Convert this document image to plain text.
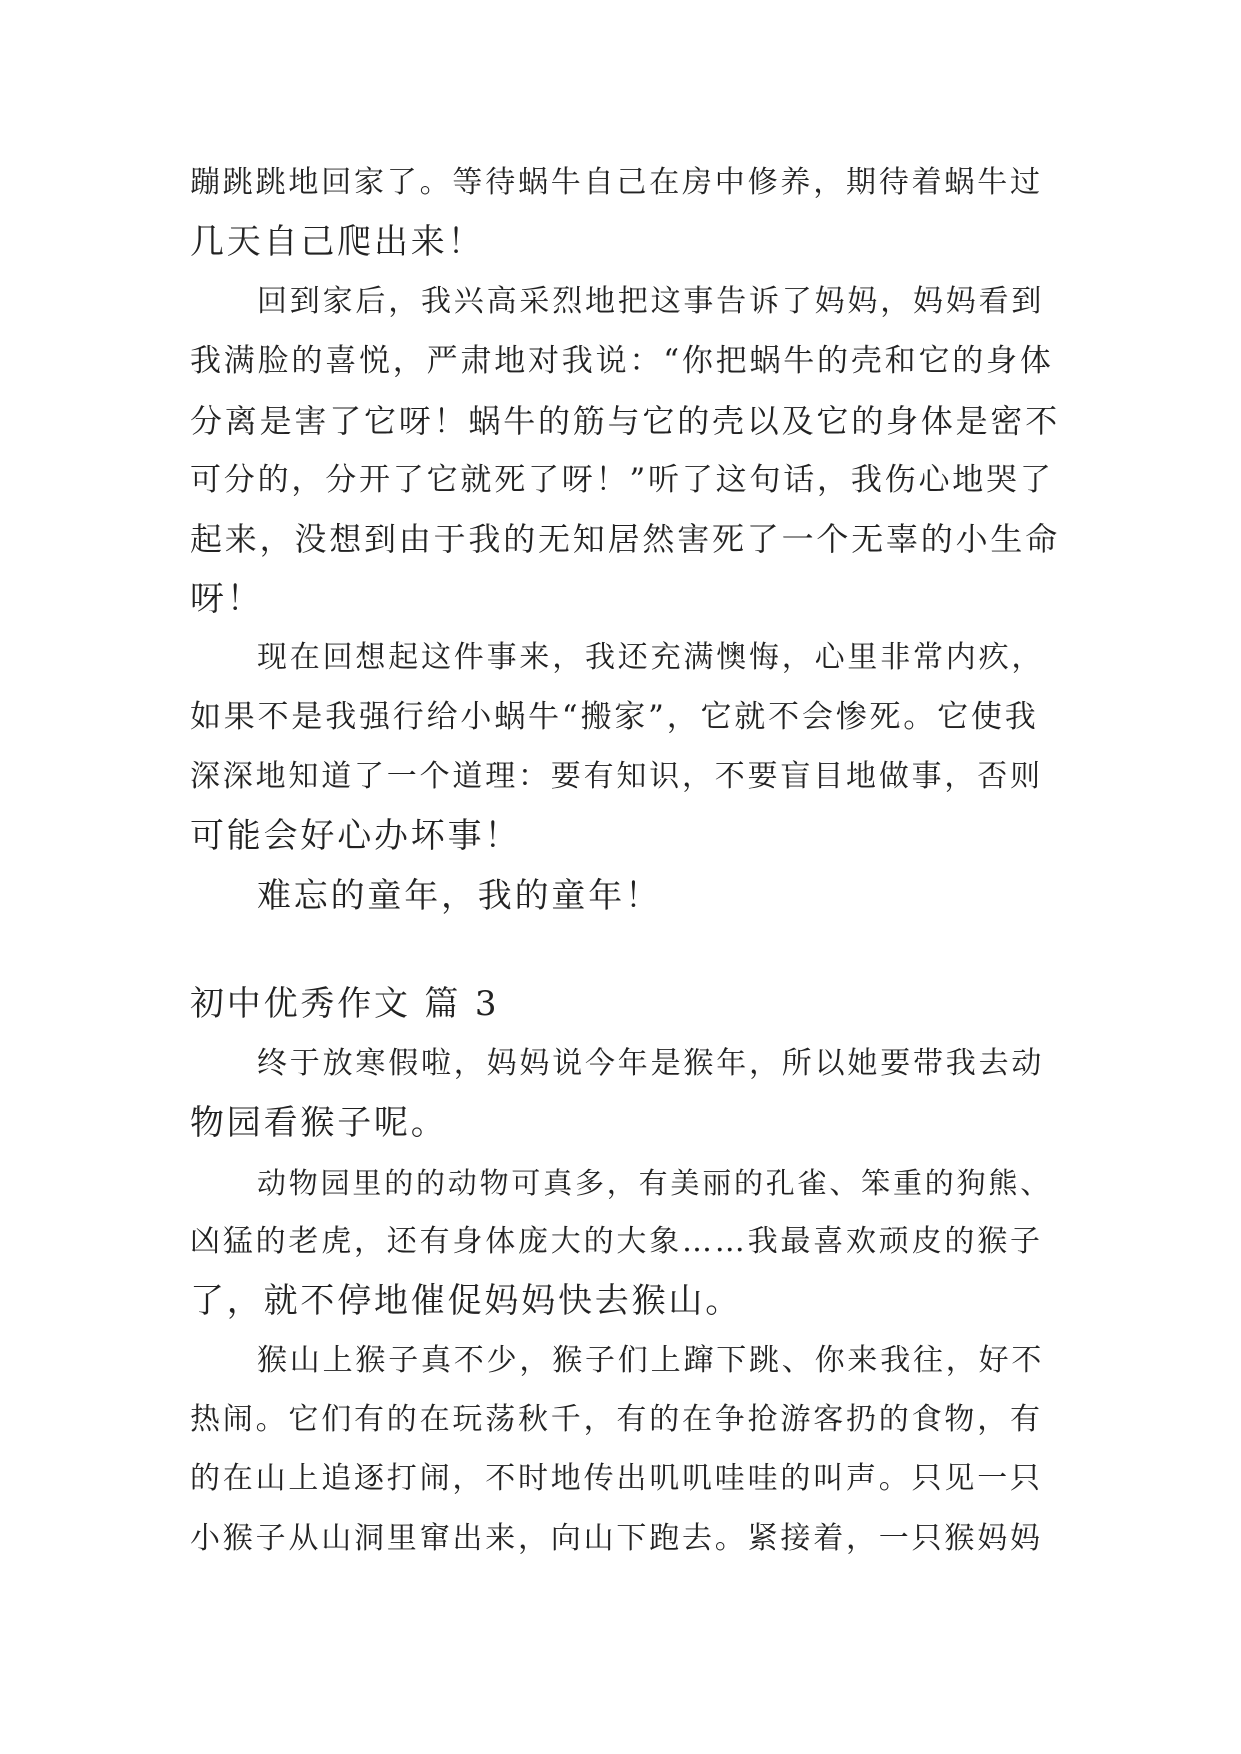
蹦跳跳地回家了。等待蜗牛自己在房中修养，期待着蜗牛过
几天自己爬出来！
回到家后，我兴高采烈地把这事告诉了妈妈，妈妈看到
我满脸的喜悦，严肃地对我说：“你把蜗牛的壳和它的身体
分离是害了它呀！蜗牛的筋与它的壳以及它的身体是密不
可分的，分开了它就死了呀！”听了这句话，我伤心地哭了
起来，没想到由于我的无知居然害死了一个无辜的小生命
呀！
现在回想起这件事来，我还充满懊悔，心里非常内疚，
如果不是我强行给小蜗牛“搬家”，它就不会惨死。它使我
深深地知道了一个道理：要有知识，不要盲目地做事，否则
可能会好心办坏事！
难忘的童年，我的童年！
初中优秀作文 篇 3
终于放寒假啦，妈妈说今年是猴年，所以她要带我去动
物园看猴子呢。
动物园里的的动物可真多，有美丽的孔雀、笨重的狗熊、
凶猛的老虎，还有身体庞大的大象……我最喜欢顽皮的猴子
了，就不停地催促妈妈快去猴山。
猴山上猴子真不少，猴子们上蹿下跳、你来我往，好不
热闹。它们有的在玩荡秋千，有的在争抢游客扔的食物，有
的在山上追逐打闹，不时地传出叽叽哇哇的叫声。只见一只
小猴子从山洞里窜出来，向山下跑去。紧接着，一只猴妈妈
